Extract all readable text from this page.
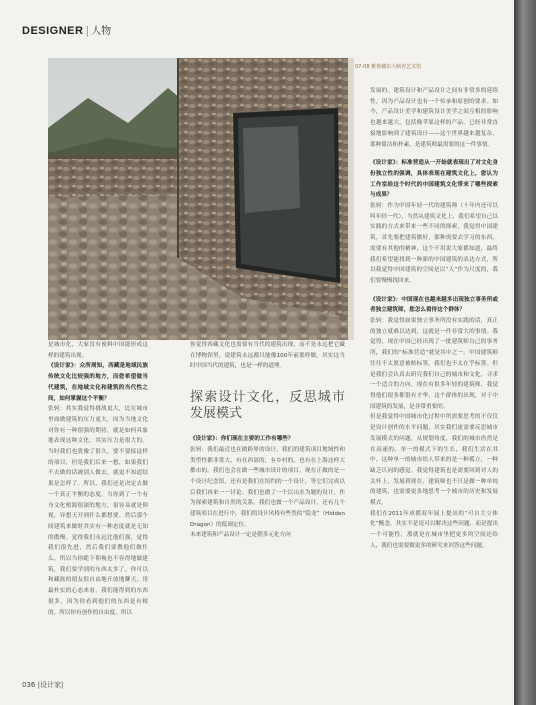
DESIGNER | 人物
07-08 雅鲁藏布大峡谷艺术馆

是城市化，大家没有预料中国能形成这样的建筑出现。

《设计家》：众所周知，西藏是地域民族传统文化比较强的地方，而您希望做当代建筑，在地域文化和建筑的当代性之间，如何掌握这个平衡？

张轲：其实我觉得挑战更大，比在城市里面做建筑的压力更大。因为当地文化对你有一种很强的期待，就是如何具象地表现这种文化，其实压力是很大的。当时我们也犹豫了很久，要不要接这样的项目，但是我们后来一想，如果我们不去做的话被别人做去，就更不知道结果是怎样了。所以，我们还是决定去做一个真正平衡的态度。当你到了一个有身文化根源很深的地方，很容易就是仰视，异想天开到什么都想要。然后那个间建筑来做时其实有一种态度就是无知的傲慢。觉得我们永远比他们强，觉得我们很先进，然后我们要教他们做什么。所以当你跪下仰视也不容得地做建筑，我们要学到的东西太多了。你可以和藏族的朋友很自由地开放地聊天。用最朴实的心态来看，我们能得到的东西很多，因为你看到他们的东西是有根的，所以你有创作的自由度，所以

你觉得西藏文化也需要有当代的建筑出现，而不是永远把它藏在博物馆里，说建筑永远都只能像100年前那样做。其实这当时中国当代的建筑，也是一样的道理。

探索设计文化，反思城市发展模式

《设计家》：你们现在主要的工作有哪些？

张轲：我们最近也在做跨界的设计。我们的建筑项目地域性和类型性都非常大，有在西部的，有乡村的，也有在上海这样大都市的。我们也会在做一些城市设计的项目。现在正做的是一个设计纪念馆，还有是我们在纽约的一个设计，等它们完成以后我们再来一一讨论。我们也做了一个以山水为题的设计，作为探索建筑和自然的关系。我们也做一个产品设计，还有几个建筑项目在进行中，我们的设计风格有些类似“隐龙”（Hidden Dragon）的低调定位。

未来建筑和产品设计一定是朝多元化方向

发展的。建筑设计和产品设计之间有非常多的延续性，因为产品设计也有一个传承和原创的要求。如今，产品设计美学和建筑设计美学之间互相的影响也越来越大，包括像苹果这样的产品，已经非常直接地影响到了建筑设计——这个世界越来越复杂，那种简洁和朴素，是建筑师最需要的这一件事情。

《设计家》：标准营造从一开始就表现出了对文化身份独立性的强调，具体表现在建筑文化上，您认为工作室给这个时代的中国建筑文化带来了哪些探索与成果？

张轲：作为中国年轻一代的建筑师（十年内还可以叫年轻一代），当然从建筑文化上，我们希望自己以实践的方式来带来一些不同的探索，我觉得中国建筑，首先要把建筑做好，那种需要去学习的东西，需要有其他的精神，这个不用说大家都知道，最终我们希望能找到一种新的中国建筑的表达方式，所以我觉得中国建筑的空间是以“人”作为尺度的，我们要慢慢找回来。

《设计家》：中国现在也越来越多出现独立事务所或者独立建筑师，您怎么看待这个群体？

张轲：我觉得如果独立事务所没有实践的话，真正的独立就难以达到，这就是一件非常大的事情。我觉得，现在中国已经出现了一批建筑师自己的事务所，我们的“标准营造”就是其中之一。中国建筑师往往不太愿意被贴标签，我们也不太在乎标签。但是我们会认真去研究我们自己的城市和文化，寻求一个适合的方向。现在有很多年轻的建筑师，我觉得他们很多都很有才华，这个群体的出现，对于中国建筑的发展，是非常重要的。

但是我觉得中国城市化过程中所需要思考的不仅仅是设计创作的水平问题，其实我们更需要反思城市发展模式的问题。从规划角度，我们的城市仍然是在高速的、单一的模式下的生长，我们生活在其中，这种单一的城市给人带来的是一种孤立，一种缺乏认同的感觉。我觉得建筑也是需要回到对人的关怀上，发展到现在，建筑师也不只是做一种单纯的建筑，也需要更多地思考一个城市的历史和发展模式。

我们在2011年成都双年展上提出的“可自主立体化”概念，其实不是说可以解决这些问题，而是提出一个可能性，那就是在城市里把更多的空间还给人，我们也需要做更多的研究来回答这些问题。

036 |设计家|
